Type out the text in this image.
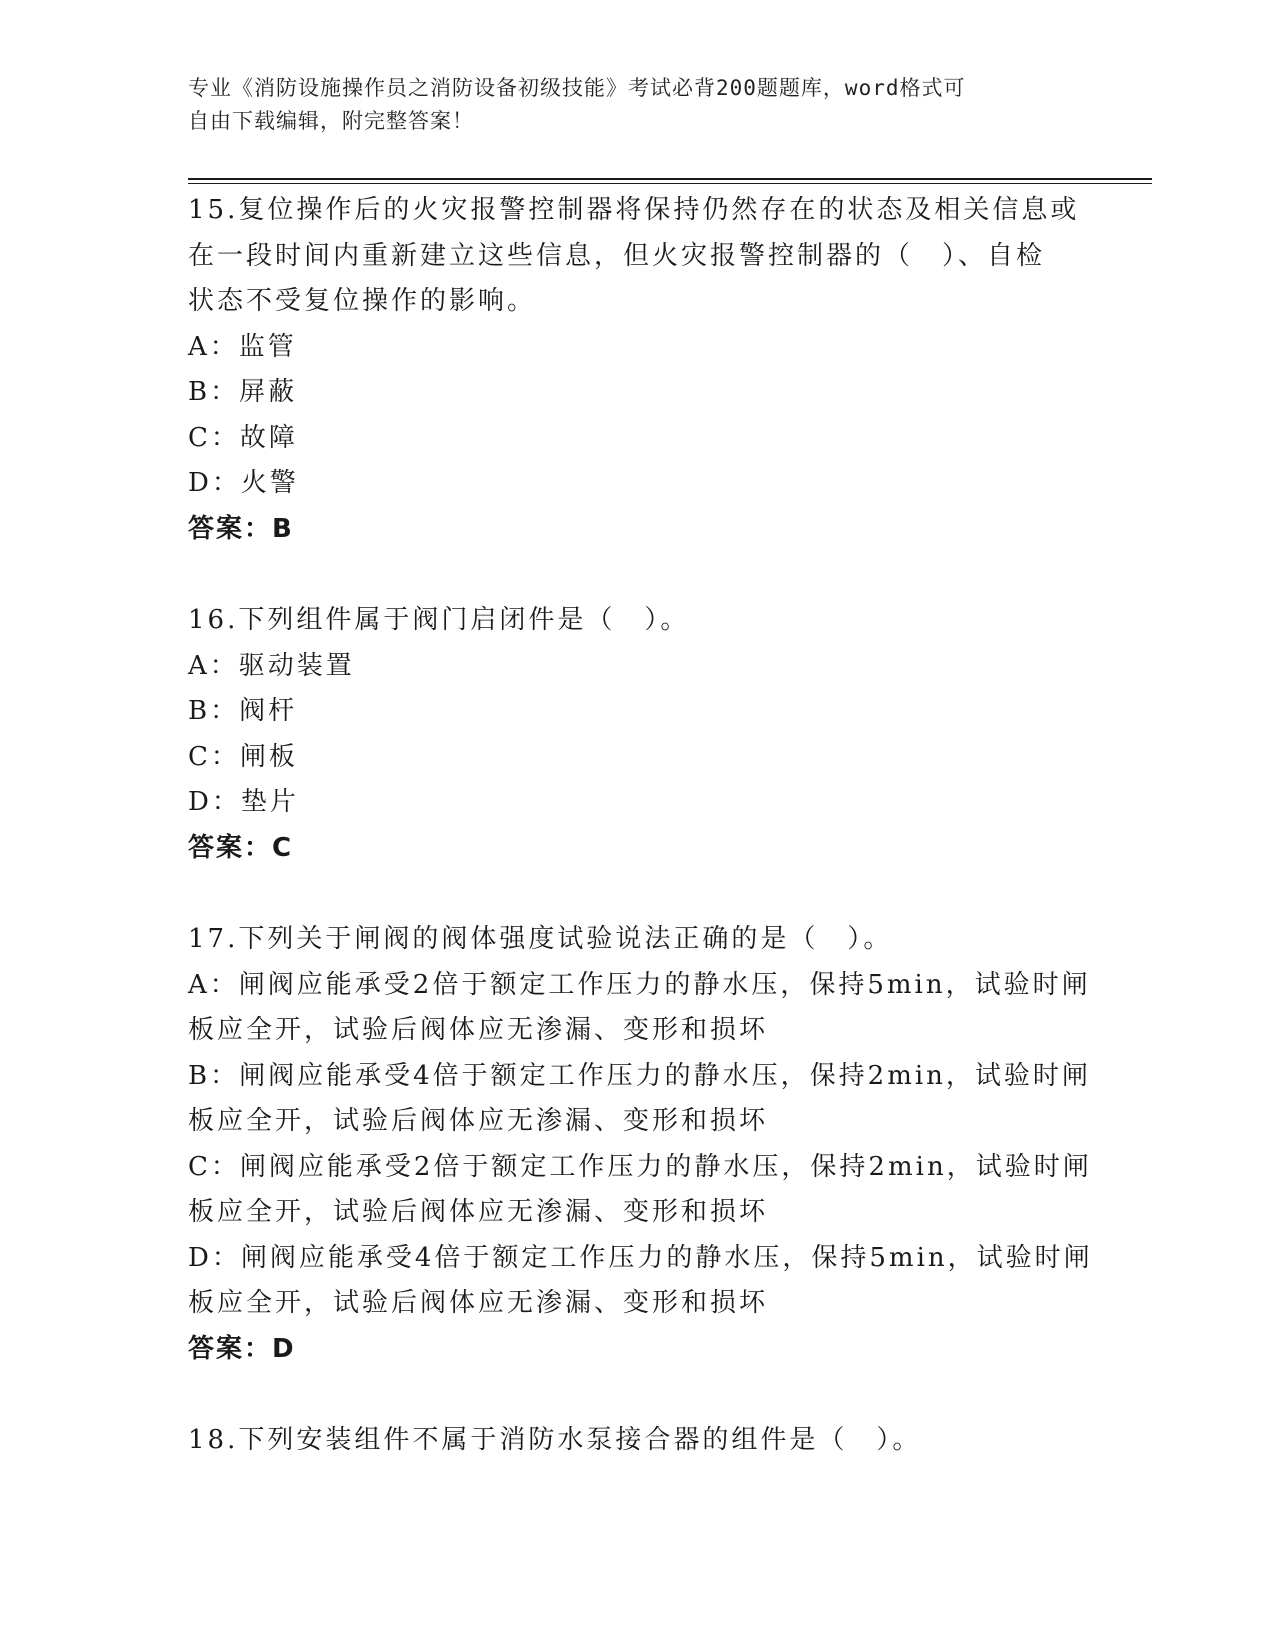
专业《消防设施操作员之消防设备初级技能》考试必背200题题库，word格式可
自由下载编辑，附完整答案！
15.复位操作后的火灾报警控制器将保持仍然存在的状态及相关信息或
在一段时间内重新建立这些信息，但火灾报警控制器的（　）、自检
状态不受复位操作的影响。
A：监管
B：屏蔽
C：故障
D：火警
答案：B
16.下列组件属于阀门启闭件是（　）。
A：驱动装置
B：阀杆
C：闸板
D：垫片
答案：C
17.下列关于闸阀的阀体强度试验说法正确的是（　）。
A：闸阀应能承受2倍于额定工作压力的静水压，保持5min，试验时闸
板应全开，试验后阀体应无渗漏、变形和损坏
B：闸阀应能承受4倍于额定工作压力的静水压，保持2min，试验时闸
板应全开，试验后阀体应无渗漏、变形和损坏
C：闸阀应能承受2倍于额定工作压力的静水压，保持2min，试验时闸
板应全开，试验后阀体应无渗漏、变形和损坏
D：闸阀应能承受4倍于额定工作压力的静水压，保持5min，试验时闸
板应全开，试验后阀体应无渗漏、变形和损坏
答案：D
18.下列安装组件不属于消防水泵接合器的组件是（　）。
